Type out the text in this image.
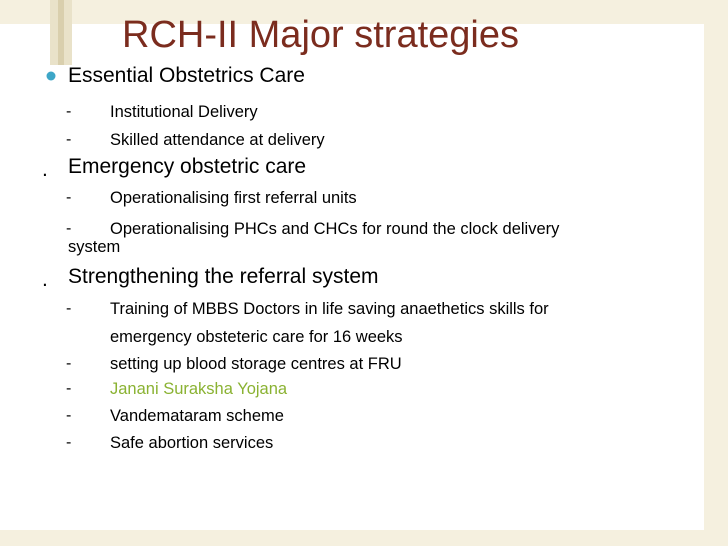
RCH-II Major strategies
Essential Obstetrics Care
- Institutional Delivery
- Skilled attendance at delivery
. Emergency obstetric care
- Operationalising first referral units
- Operationalising PHCs and CHCs for round the clock delivery
system
. Strengthening the referral system
- Training of MBBS Doctors in life saving anaethetics skills for
emergency obsteteric care for 16 weeks
- setting up blood storage centres at FRU
- Janani Suraksha Yojana
- Vandemataram scheme
- Safe abortion services
